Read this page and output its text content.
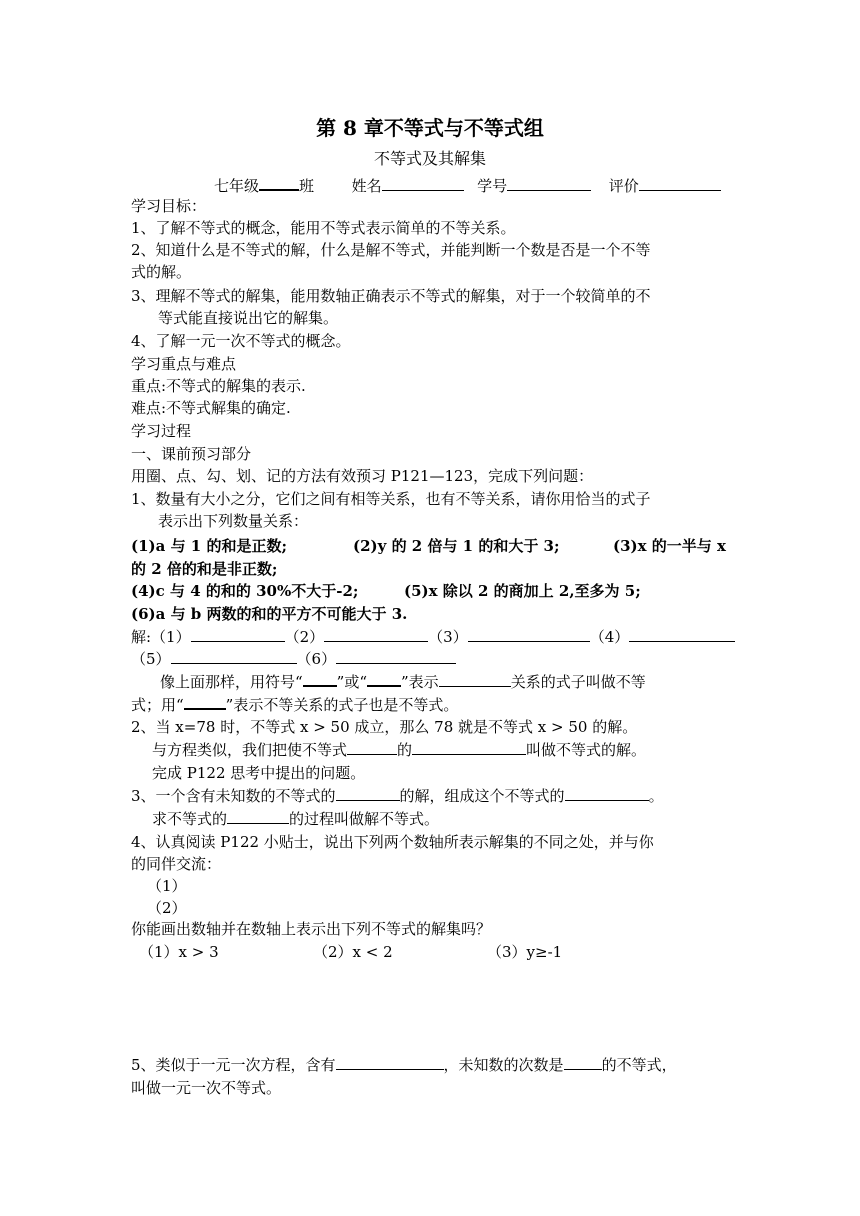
第 8 章不等式与不等式组
不等式及其解集
七年级	班	姓名	学号	评价
学习目标：
1、了解不等式的概念，能用不等式表示简单的不等关系。
2、知道什么是不等式的解，什么是解不等式，并能判断一个数是否是一个不等
式的解。
3、理解不等式的解集，能用数轴正确表示不等式的解集，对于一个较简单的不
等式能直接说出它的解集。
4、了解一元一次不等式的概念。
学习重点与难点
重点:不等式的解集的表示.
难点:不等式解集的确定.
学习过程
一、课前预习部分
用圈、点、勾、划、记的方法有效预习 P121—123，完成下列问题：
1、数量有大小之分，它们之间有相等关系，也有不等关系，请你用恰当的式子
表示出下列数量关系：
(1)a 与 1 的和是正数;	(2)y 的 2 倍与 1 的和大于 3;	(3)x 的一半与 x
的 2 倍的和是非正数;
(4)c 与 4 的和的 30%不大于-2;	(5)x 除以 2 的商加上 2,至多为 5;
(6)a 与 b 两数的和的平方不可能大于 3.
解:（1）	（2）	（3）	（4）
（5）	（6）
像上面那样，用符号“ ”或“ ”表示	关系的式子叫做不等
式；用“	”表示不等关系的式子也是不等式。
2、当 x=78 时，不等式 x > 50 成立，那么 78 就是不等式 x > 50 的解。
与方程类似，我们把使不等式	的	叫做不等式的解。
完成 P122 思考中提出的问题。
3、一个含有未知数的不等式的	的解，组成这个不等式的	。
求不等式的	的过程叫做解不等式。
4、认真阅读 P122 小贴士，说出下列两个数轴所表示解集的不同之处，并与你
的同伴交流：
（1）
（2）
你能画出数轴并在数轴上表示出下列不等式的解集吗？
（1）x > 3	（2）x < 2	（3）y≥-1
5、类似于一元一次方程，含有	，未知数的次数是	的不等式，
叫做一元一次不等式。
